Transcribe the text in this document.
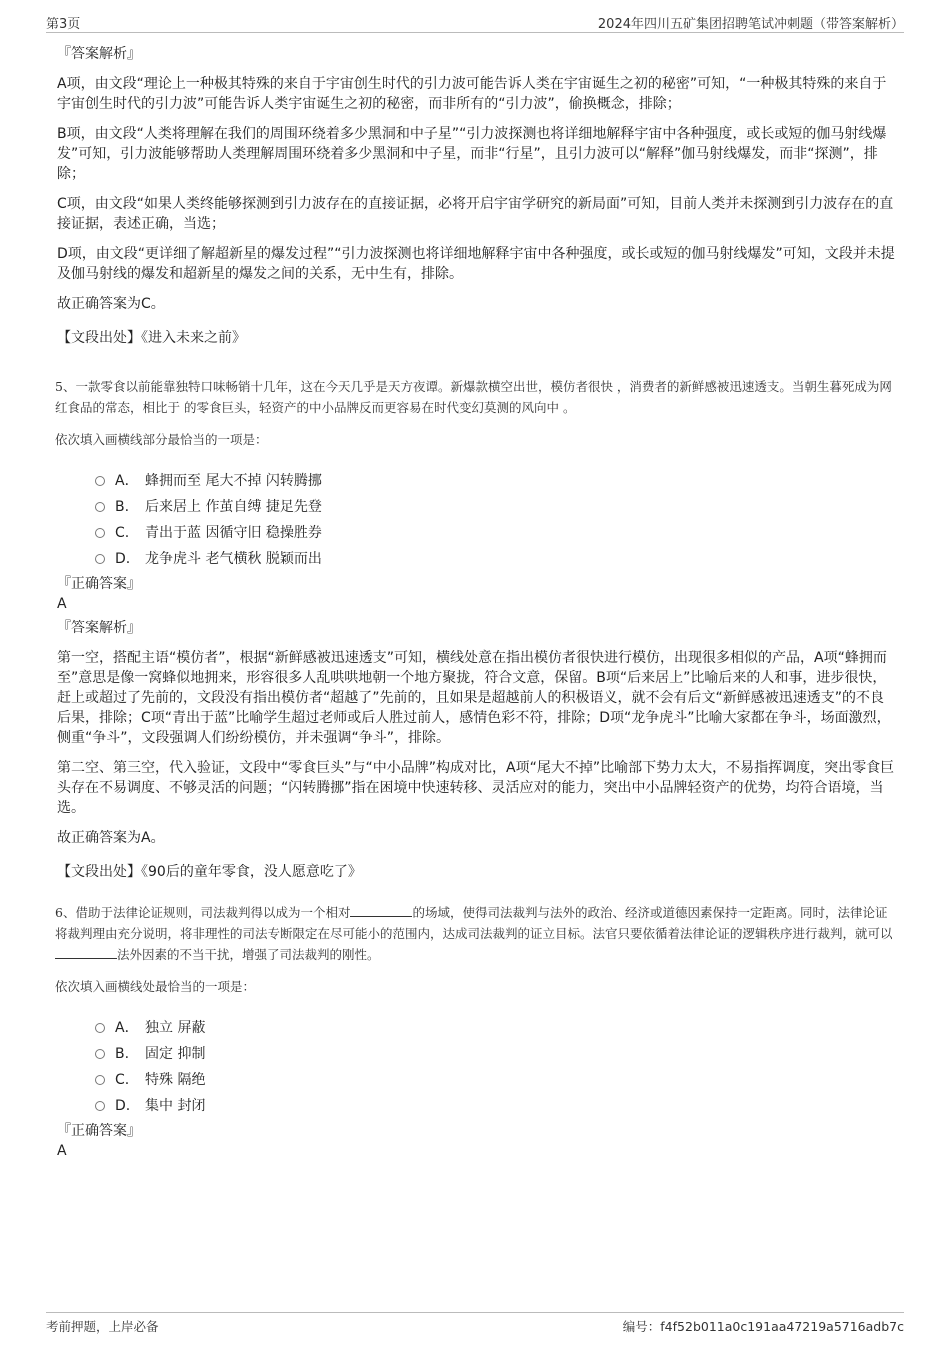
第3页	2024年四川五矿集团招聘笔试冲刺题（带答案解析）
『答案解析』

A项，由文段“理论上一种极其特殊的来自于宇宙创生时代的引力波可能告诉人类在宇宙诞生之初的秘密”可知，“一种极其特殊的来自于宇宙创生时代的引力波”可能告诉人类宇宙诞生之初的秘密，而非所有的“引力波”，偷换概念，排除；

B项，由文段“人类将理解在我们的周围环绕着多少黑洞和中子星”“引力波探测也将详细地解释宇宙中各种强度，或长或短的伽马射线爆发”可知，引力波能够帮助人类理解周围环绕着多少黑洞和中子星，而非“行星”，且引力波可以“解释”伽马射线爆发，而非“探测”，排除；

C项，由文段“如果人类终能够探测到引力波存在的直接证据，必将开启宇宙学研究的新局面”可知，目前人类并未探测到引力波存在的直接证据，表述正确，当选；

D项，由文段“更详细了解超新星的爆发过程”“引力波探测也将详细地解释宇宙中各种强度，或长或短的伽马射线爆发”可知，文段并未提及伽马射线的爆发和超新星的爆发之间的关系，无中生有，排除。

故正确答案为C。

【文段出处】《进入未来之前》

5、一款零食以前能靠独特口味畅销十几年，这在今天几乎是天方夜谭。新爆款横空出世，模仿者很快 ，消费者的新鲜感被迅速透支。当朝生暮死成为网红食品的常态，相比于 的零食巨头，轻资产的中小品牌反而更容易在时代变幻莫测的风向中 。

依次填入画横线部分最恰当的一项是：

A． 蜂拥而至 尾大不掉 闪转腾挪
B. 后来居上 作茧自缚 捷足先登
C. 青出于蓝 因循守旧 稳操胜券
D. 龙争虎斗 老气横秋 脱颖而出

『正确答案』

A

『答案解析』

第一空，搭配主语“模仿者”，根据“新鲜感被迅速透支”可知，横线处意在指出模仿者很快进行模仿，出现很多相似的产品，A项“蜂拥而至”意思是像一窝蜂似地拥来，形容很多人乱哄哄地朝一个地方聚拢，符合文意，保留。B项“后来居上”比喻后来的人和事，进步很快，赶上或超过了先前的，文段没有指出模仿者“超越了”先前的，且如果是超越前人的积极语义，就不会有后文“新鲜感被迅速透支”的不良后果，排除；C项“青出于蓝”比喻学生超过老师或后人胜过前人，感情色彩不符，排除；D项“龙争虎斗”比喻大家都在争斗，场面激烈，侧重“争斗”，文段强调人们纷纷模仿，并未强调“争斗”，排除。

第二空、第三空，代入验证，文段中“零食巨头”与“中小品牌”构成对比，A项“尾大不掉”比喻部下势力太大，不易指挥调度，突出零食巨头存在不易调度、不够灵活的问题；“闪转腾挪”指在困境中快速转移、灵活应对的能力，突出中小品牌轻资产的优势，均符合语境，当选。

故正确答案为A。

【文段出处】《90后的童年零食，没人愿意吃了》

6、借助于法律论证规则，司法裁判得以成为一个相对	的场域，使得司法裁判与法外的政治、经济或道德因素保持一定距离。同时，法律论证将裁判理由充分说明，将非理性的司法专断限定在尽可能小的范围内，达成司法裁判的证立目标。法官只要依循着法律论证的逻辑秩序进行裁判，就可以法外因素的不当干扰，增强了司法裁判的刚性。

依次填入画横线处最恰当的一项是：

A． 独立 屏蔽
B. 固定 抑制
C. 特殊 隔绝
D. 集中 封闭

『正确答案』

A

考前押题，上岸必备	编号：f4f52b011a0c191aa47219a5716adb7c
